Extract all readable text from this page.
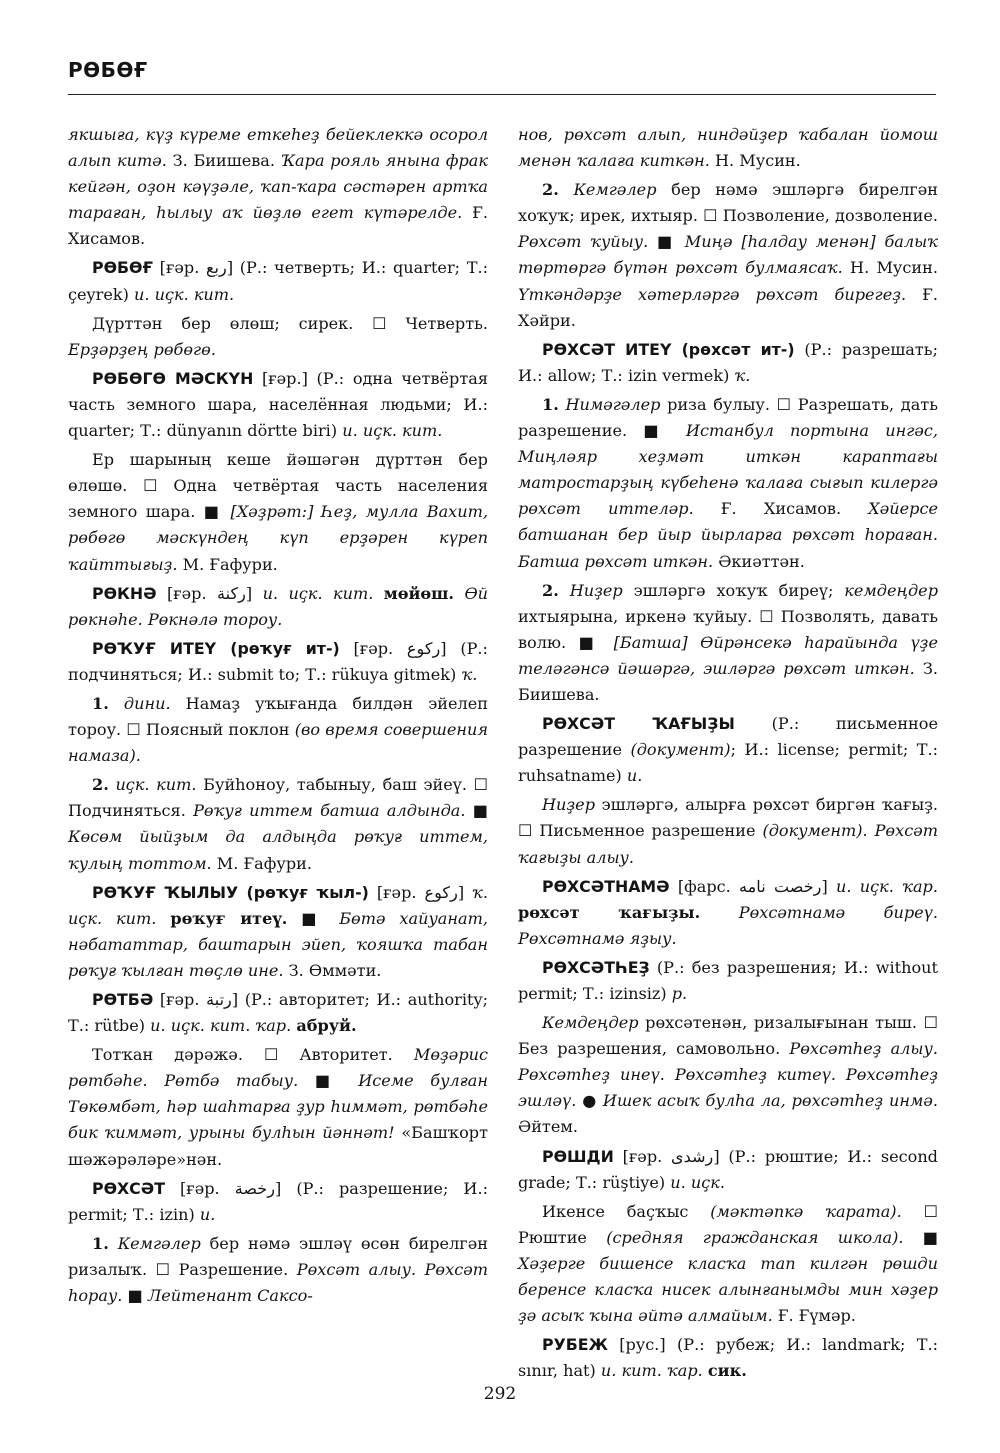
РӨБӨҒ

якшыға, күҙ күреме еткеһеҙ бейеклеккә осорол алып китә. З. Биишева. Ҡара рояль янына фрак кейгән, оҙон кәүҙәле, ҡап-ҡара сәстәрен артҡа тараған, һылыу аҡ йөҙлө егет күтәрелде. Ғ. Хисамов.

РӨБӨҒ [ғәр. ربع] (Р.: четверть; И.: quarter; Т.: çeyrek) и. иҫк. кит.

Дүрттән бер өлөш; сирек. ☐ Четверть. Ерҙәрҙең рөбөгө.

РӨБӨГӨ МӘСКҮН [ғәр.] (Р.: одна четвёртая часть земного шара, населённая людьми; И.: quarter; Т.: dünyanın dörtte biri) и. иҫк. кит.

Ер шарының кеше йәшәгән дүрттән бер өлөшө. ☐ Одна четвёртая часть населения земного шара. ■ [Хәҙрәт:] Һеҙ, мулла Вахит, рөбөгө мәскүндең күп ерҙәрен күреп ҡайттығыҙ. М. Ғафури.

РӨКНӘ [ғәр. ركنة] и. иҫк. кит. мөйөш. Өй рөкнәһе. Рөкнәлә тороу.

РӨҠУҒ ИТЕҮ (рөҡуғ ит-) [ғәр. ركوع] (Р.: подчиняться; И.: submit to; Т.: rükuya gitmek) ҡ.

1. дини. Намаҙ уҡығанда билдән эйелеп тороу. ☐ Поясный поклон (во время совершения намаза).

2. иҫк. кит. Буйһоноу, табыныу, баш эйеү. ☐ Подчиняться. Рөҡуғ иттем батша алдында. ■ Көсөм йыйҙым да алдыңда рөҡуғ иттем, ҡулың тоттом. М. Ғафури.

РӨҠУҒ ҠЫЛЫУ (рөҡуғ ҡыл-) [ғәр. ركوع] ҡ. иҫк. кит. рөҡуғ итеү. ■ Бөтә хайуанат, нәбататтар, баштарын эйеп, ҡояшҡа табан рөҡуғ ҡылған төҫлө ине. З. Өммәти.

РӨТБӘ [ғәр. رتبة] (Р.: авторитет; И.: authority; Т.: rütbe) и. иҫк. кит. ҡар. абруй.

Тотҡан дәрәжә. ☐ Авторитет. Мөҙәрис рөтбәһе. Рөтбә табыу. ■ Исеме булған Төкөмбәт, һәр шаһтарға ҙур һиммәт, рөтбәһе бик ҡиммәт, урыны булһын йәннәт! «Башҡорт шәжәрәләре»нән.

РӨХСӘТ [ғәр. رخصة] (Р.: разрешение; И.: permit; Т.: izin) и.

1. Кемгәлер бер нәмә эшләү өсөн бирелгән ризалыҡ. ☐ Разрешение. Рөхсәт алыу. Рөхсәт һорау. ■ Лейтенант Саксо-

нов, рөхсәт алып, ниндәйҙер ҡабалан йомош менән ҡалаға киткән. Н. Мусин.

2. Кемгәлер бер нәмә эшләргә бирелгән хоҡуҡ; ирек, ихтыяр. ☐ Позволение, дозволение. Рөхсәт ҡуйыу. ■ Миңә [һалдау менән] балыҡ төртөргә бүтән рөхсәт булмаясаҡ. Н. Мусин. Үткәндәрҙе хәтерләргә рөхсәт бирегеҙ. Ғ. Хәйри.

РӨХСӘТ ИТЕҮ (рөхсәт ит-) (Р.: разрешать; И.: allow; Т.: izin vermek) ҡ.

1. Нимәгәлер риза булыу. ☐ Разрешать, дать разрешение. ■ Истанбул портына ингәс, Миңләяр хеҙмәт иткән караптағы матростарҙың күбеһенә ҡалаға сығып килергә рөхсәт иттеләр. Ғ. Хисамов. Хәйерсе батшанан бер йыр йырларға рөхсәт һораған. Батша рөхсәт иткән. Әкиәттән.

2. Ниҙер эшләргә хоҡуҡ биреү; кемдеңдер ихтыярына, иркенә ҡуйыу. ☐ Позволять, давать волю. ■ [Батша] Өйрәнсекә һарайында үҙе теләгәнсә йәшәргә, эшләргә рөхсәт иткән. З. Биишева.

РӨХСӘТ ҠАҒЫҘЫ (Р.: письменное разрешение (документ); И.: license; permit; Т.: ruhsatname) и.

Ниҙер эшләргә, алырға рөхсәт биргән ҡағыҙ. ☐ Письменное разрешение (документ). Рөхсәт ҡағыҙы алыу.

РӨХСӘТНАМӘ [фарс. رخصت نامه] и. иҫк. ҡар. рөхсәт ҡағыҙы. Рөхсәтнамә биреү. Рөхсәтнамә яҙыу.

РӨХСӘТҺЕҘ (Р.: без разрешения; И.: without permit; Т.: izinsiz) р.

Кемдеңдер рөхсәтенән, ризалығынан тыш. ☐ Без разрешения, самовольно. Рөхсәтһеҙ алыу. Рөхсәтһеҙ инеү. Рөхсәтһеҙ китеү. Рөхсәтһеҙ эшләү. ● Ишек асыҡ булһа ла, рөхсәтһеҙ инмә. Әйтем.

РӨШДИ [ғәр. رشدی] (Р.: рюштие; И.: second grade; Т.: rüştiye) и. иҫк.

Икенсе баҫҡыс (мәктәпкә ҡарата). ☐ Рюштие (средняя гражданская школа). ■ Хәҙерге бишенсе класҡа тап килгән рөшди беренсе класҡа нисек алынғанымды мин хәҙер ҙә асыҡ ҡына әйтә алмайым. Ғ. Ғүмәр.

РУБЕЖ [рус.] (Р.: рубеж; И.: landmark; Т.: sınır, hat) и. кит. ҡар. сик.

292
